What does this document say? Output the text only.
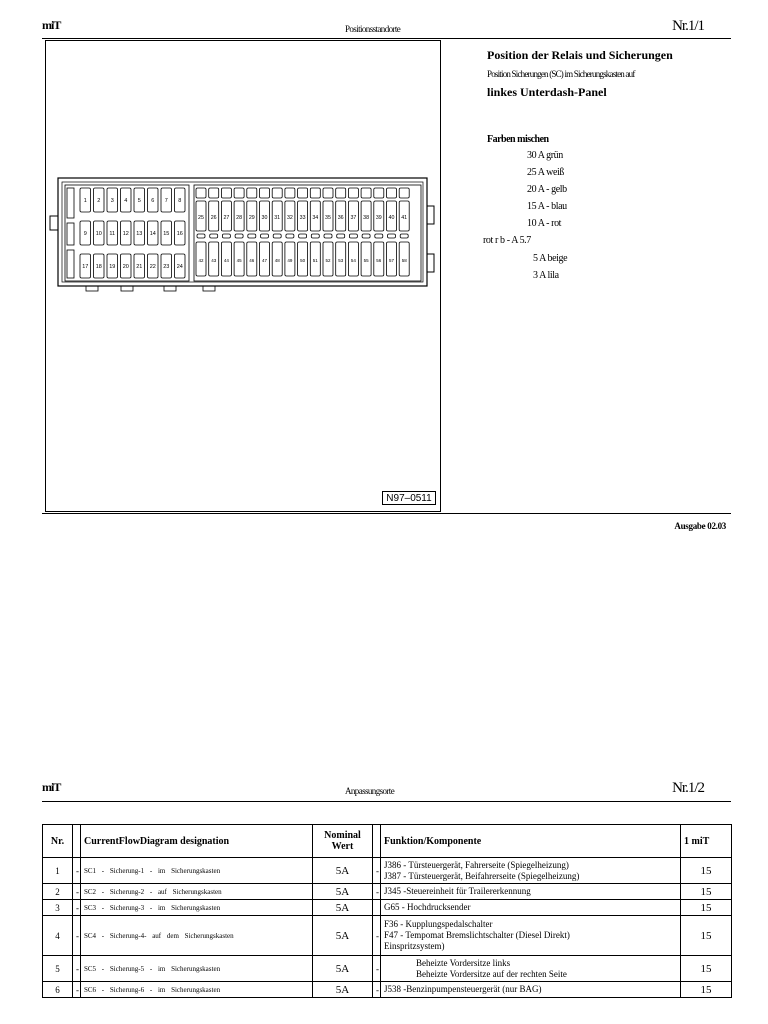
miT	Positionsstandorte	Nr.1/1
1 2 3 4 5 6 7 8
9 10 11 12 13 14 15 16
17 18 19 20 21 22 23 24
25 26 27 28 29 30 31 32 33 34 35 36 37 38 39 40 41
42 43 44 45 46 47 48 49 50 51 52 53 54 55 56 57 58
Position der Relais und Sicherungen
Position Sicherungen (SC) im Sicherungskasten auf
linkes Unterdash-Panel
Farben mischen
30 A grün
25 A weiß
20 A - gelb
15 A - blau
10 A - rot
rot r b - A 5.7
5 A beige
3 A lila
N97–0511
Ausgabe 02.03
miT	Anpassungsorte	Nr.1/2
Nr.		CurrentFlowDiagram designation	Nominal Wert		Funktion/Komponente	1 miT
1	-	SC1 - Sicherung-1 - im Sicherungskasten	5A	-	J386 - Türsteuergerät, Fahrerseite (Spiegelheizung)
J387 - Türsteuergerät, Beifahrerseite (Spiegelheizung)	15
2	-	SC2 - Sicherung-2 - auf Sicherungskasten	5A	-	J345 -Steuereinheit für Trailererkennung	15
3	-	SC3 - Sicherung-3 - im Sicherungskasten	5A		G65 - Hochdrucksender	15
4	-	SC4 - Sicherung-4- auf dem Sicherungskasten	5A	-	F36 - Kupplungspedalschalter
F47 - Tempomat Bremslichtschalter (Diesel Direkt)
Einspritzsystem)	15
5	-	SC5 - Sicherung-5 - im Sicherungskasten	5A	-	Beheizte Vordersitze links
Beheizte Vordersitze auf der rechten Seite	15
6	-	SC6 - Sicherung-6 - im Sicherungskasten	5A	-	J538 -Benzinpumpensteuergerät (nur BAG)	15
